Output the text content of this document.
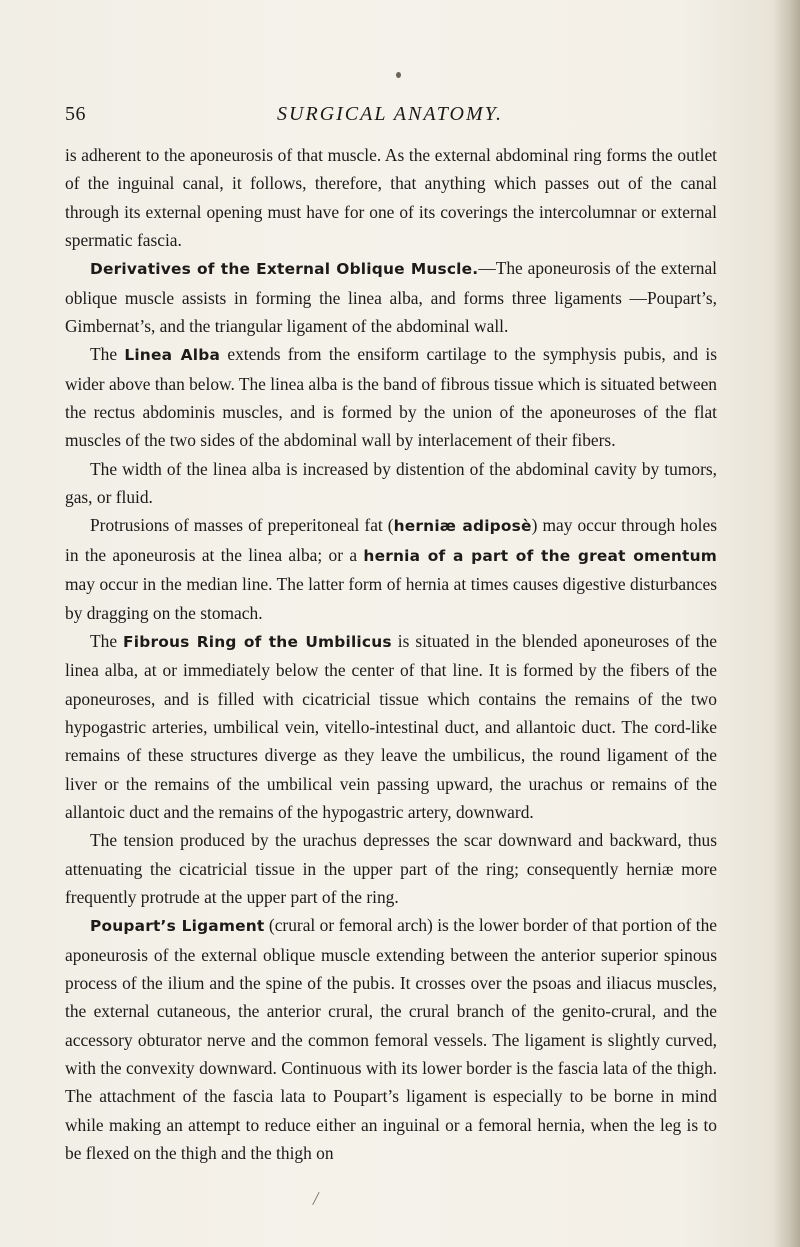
56	SURGICAL ANATOMY.

is adherent to the aponeurosis of that muscle. As the external abdominal ring forms the outlet of the inguinal canal, it follows, therefore, that anything which passes out of the canal through its external opening must have for one of its coverings the intercolumnar or external spermatic fascia.

Derivatives of the External Oblique Muscle.—The aponeurosis of the external oblique muscle assists in forming the linea alba, and forms three ligaments —Poupart’s, Gimbernat’s, and the triangular ligament of the abdominal wall.

The Linea Alba extends from the ensiform cartilage to the symphysis pubis, and is wider above than below. The linea alba is the band of fibrous tissue which is situated between the rectus abdominis muscles, and is formed by the union of the aponeuroses of the flat muscles of the two sides of the abdominal wall by interlacement of their fibers.

The width of the linea alba is increased by distention of the abdominal cavity by tumors, gas, or fluid.

Protrusions of masses of preperitoneal fat (herniæ adiposè) may occur through holes in the aponeurosis at the linea alba; or a hernia of a part of the great omentum may occur in the median line. The latter form of hernia at times causes digestive disturbances by dragging on the stomach.

The Fibrous Ring of the Umbilicus is situated in the blended aponeuroses of the linea alba, at or immediately below the center of that line. It is formed by the fibers of the aponeuroses, and is filled with cicatricial tissue which contains the remains of the two hypogastric arteries, umbilical vein, vitello-intestinal duct, and allantoic duct. The cord-like remains of these structures diverge as they leave the umbilicus, the round ligament of the liver or the remains of the umbilical vein passing upward, the urachus or remains of the allantoic duct and the remains of the hypogastric artery, downward.

The tension produced by the urachus depresses the scar downward and backward, thus attenuating the cicatricial tissue in the upper part of the ring; consequently herniæ more frequently protrude at the upper part of the ring.

Poupart’s Ligament (crural or femoral arch) is the lower border of that portion of the aponeurosis of the external oblique muscle extending between the anterior superior spinous process of the ilium and the spine of the pubis. It crosses over the psoas and iliacus muscles, the external cutaneous, the anterior crural, the crural branch of the genito-crural, and the accessory obturator nerve and the common femoral vessels. The ligament is slightly curved, with the convexity downward. Continuous with its lower border is the fascia lata of the thigh. The attachment of the fascia lata to Poupart’s ligament is especially to be borne in mind while making an attempt to reduce either an inguinal or a femoral hernia, when the leg is to be flexed on the thigh and the thigh on

/
